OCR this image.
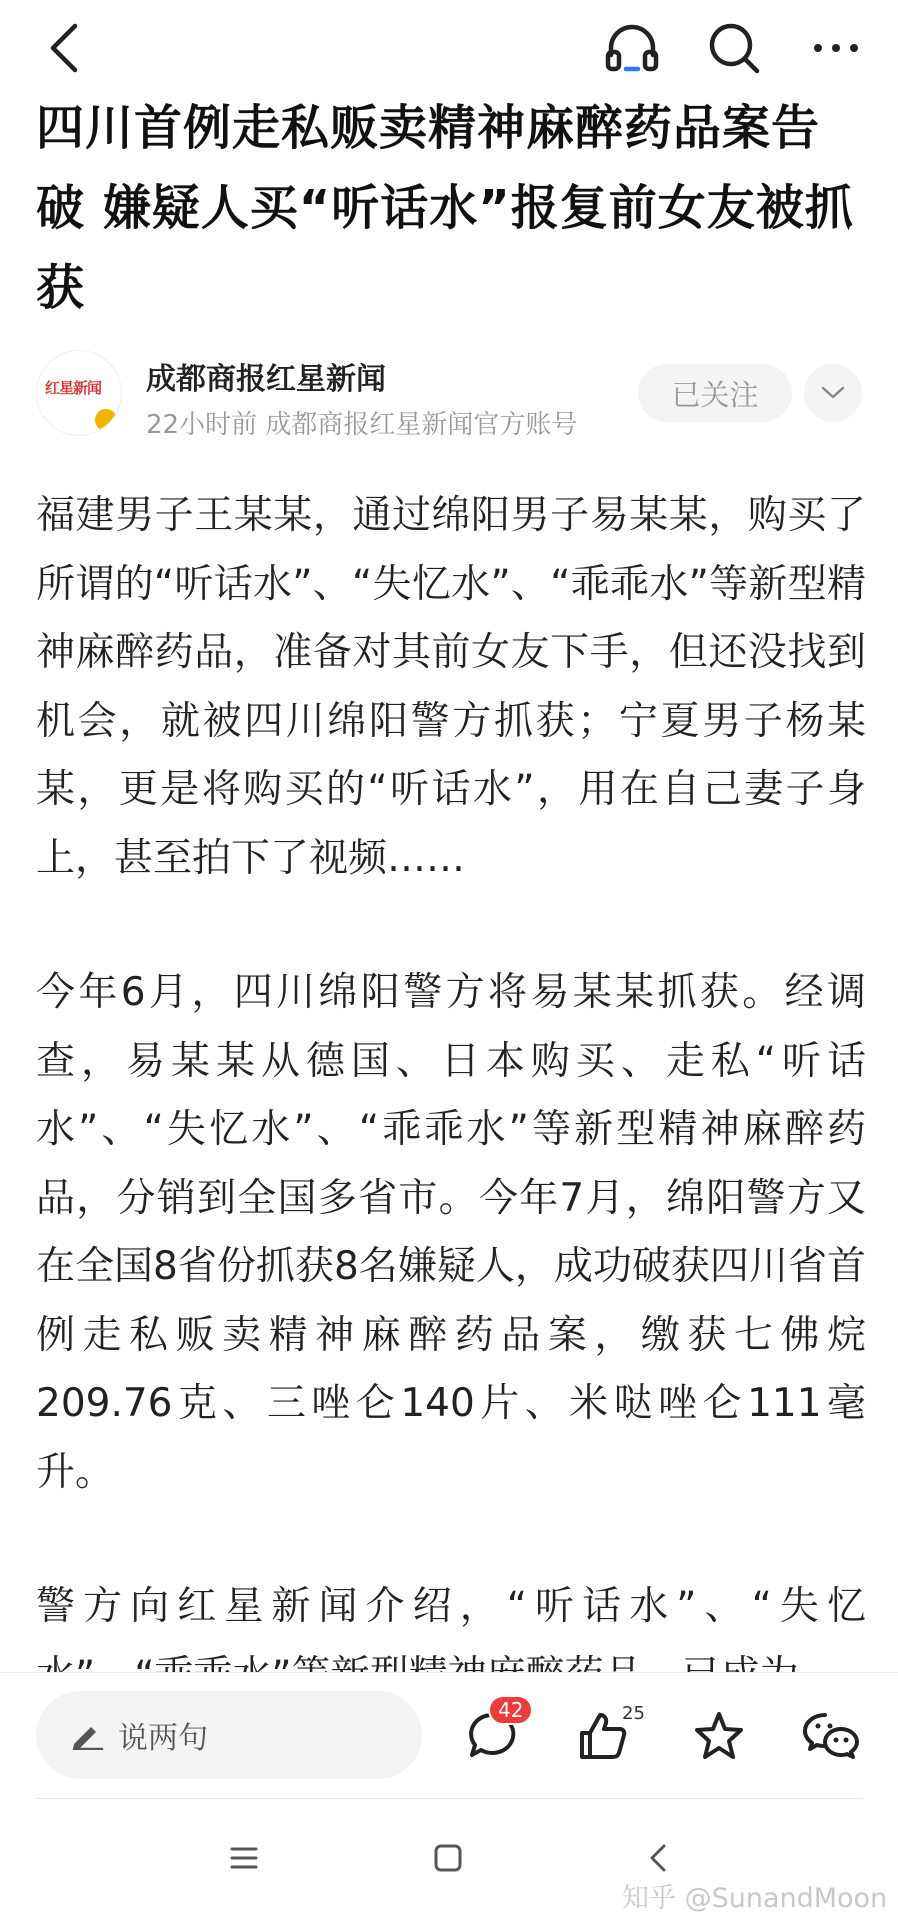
四川首例走私贩卖精神麻醉药品案告破 嫌疑人买“听话水”报复前女友被抓获
红星新闻 成都商报红星新闻
22小时前 成都商报红星新闻官方账号
已关注

福建男子王某某，通过绵阳男子易某某，购买了所谓的“听话水”、“失忆水”、“乖乖水”等新型精神麻醉药品，准备对其前女友下手，但还没找到机会，就被四川绵阳警方抓获；宁夏男子杨某某，更是将购买的“听话水”，用在自己妻子身上，甚至拍下了视频……

今年6月，四川绵阳警方将易某某抓获。经调查，易某某从德国、日本购买、走私“听话水”、“失忆水”、“乖乖水”等新型精神麻醉药品，分销到全国多省市。今年7月，绵阳警方又在全国8省份抓获8名嫌疑人，成功破获四川省首例走私贩卖精神麻醉药品案，缴获七佛烷209.76克、三唑仑140片、米哒唑仑111毫升。

警方向红星新闻介绍，“听话水”、“失忆

说两句
42	25
知乎 @SunandMoon
